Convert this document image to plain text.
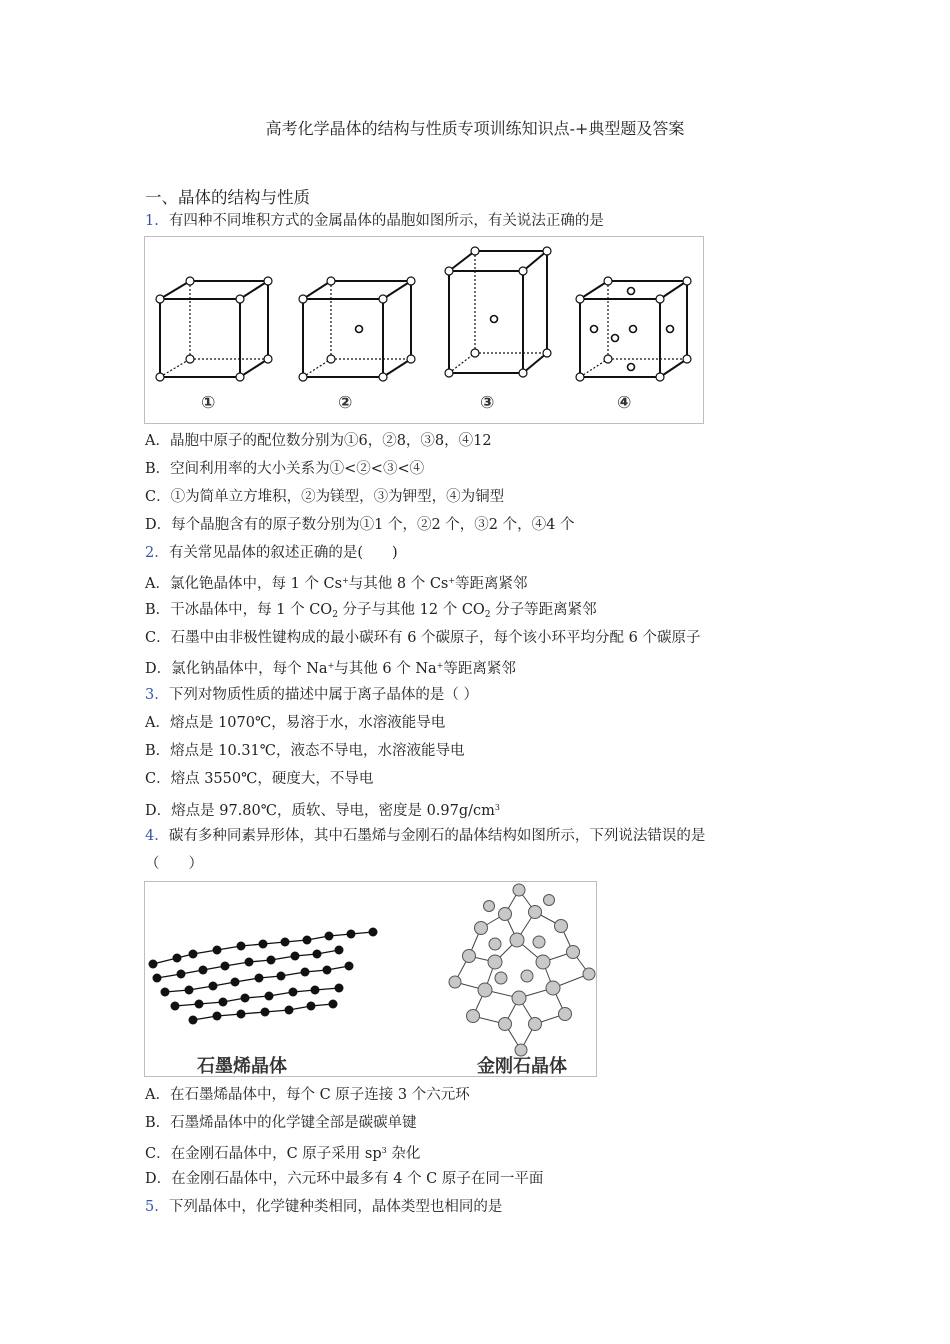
高考化学晶体的结构与性质专项训练知识点-+典型题及答案
一、晶体的结构与性质
1. 有四种不同堆积方式的金属晶体的晶胞如图所示，有关说法正确的是
①	②	③	④
A．晶胞中原子的配位数分别为①6，②8，③8，④12
B．空间利用率的大小关系为①<②<③<④
C．①为简单立方堆积，②为镁型，③为钾型，④为铜型
D．每个晶胞含有的原子数分别为①1 个，②2 个，③2 个，④4 个
2. 有关常见晶体的叙述正确的是(　　)
A．氯化铯晶体中，每 1 个 Cs+与其他 8 个 Cs+等距离紧邻
B．干冰晶体中，每 1 个 $CO_2$ 分子与其他 12 个 $CO_2$ 分子等距离紧邻
C．石墨中由非极性键构成的最小碳环有 6 个碳原子，每个该小环平均分配 6 个碳原子
D．氯化钠晶体中，每个 Na+与其他 6 个 Na+等距离紧邻
3. 下列对物质性质的描述中属于离子晶体的是（ ）
A．熔点是 1070℃，易溶于水，水溶液能导电
B．熔点是 10.31℃，液态不导电，水溶液能导电
C．熔点 3550℃，硬度大，不导电
D．熔点是 97.80℃，质软、导电，密度是 $0.97g/cm^3$
4. 碳有多种同素异形体，其中石墨烯与金刚石的晶体结构如图所示，下列说法错误的是
（　　）
石墨烯晶体	金刚石晶体
A．在石墨烯晶体中，每个 C 原子连接 3 个六元环
B．石墨烯晶体中的化学键全部是碳碳单键
C．在金刚石晶体中，C 原子采用 $sp^3$ 杂化
D．在金刚石晶体中，六元环中最多有 4 个 C 原子在同一平面
5. 下列晶体中，化学键种类相同，晶体类型也相同的是
